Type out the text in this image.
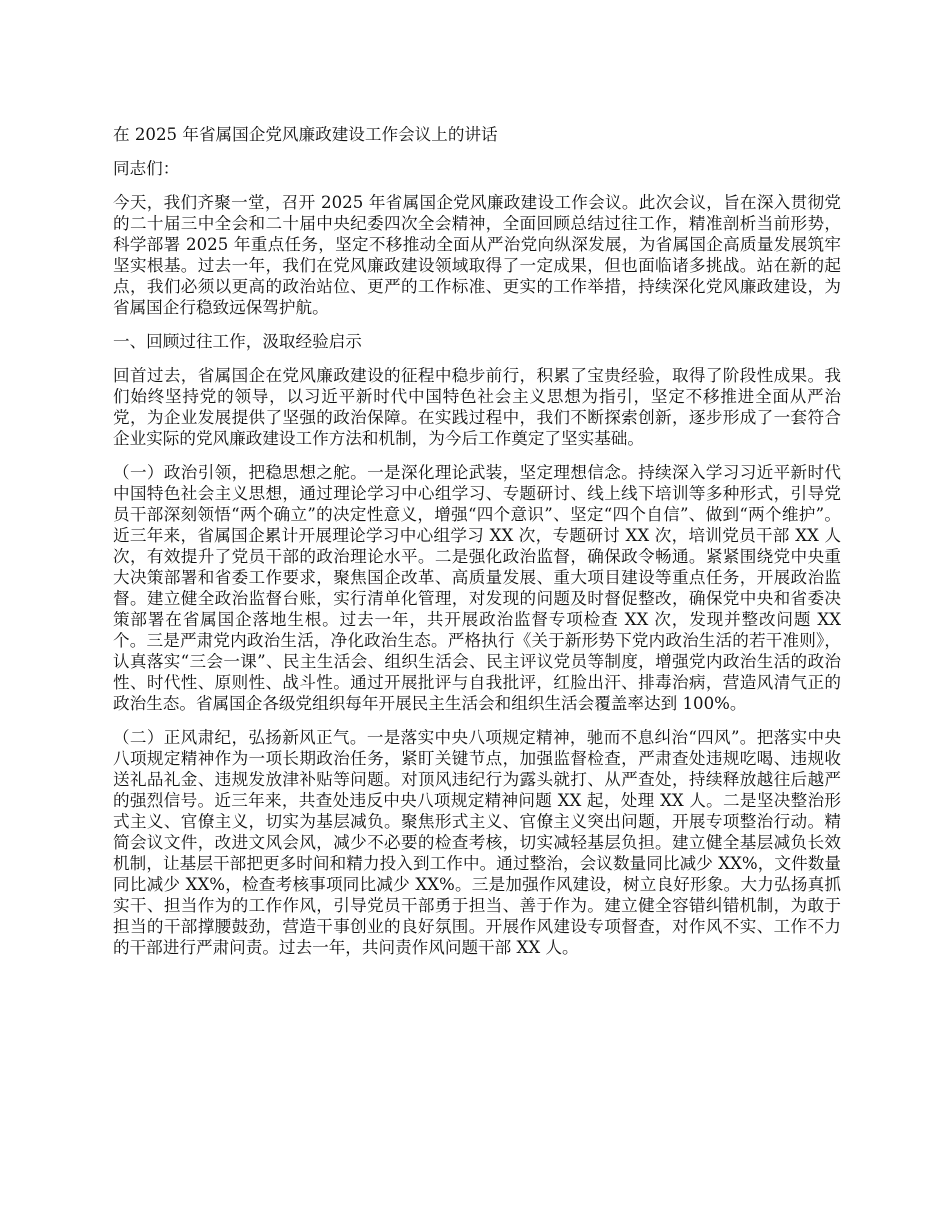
在 2025 年省属国企党风廉政建设工作会议上的讲话

同志们：

今天，我们齐聚一堂，召开 2025 年省属国企党风廉政建设工作会议。此次会议，旨在深入贯彻党的二十届三中全会和二十届中央纪委四次全会精神，全面回顾总结过往工作，精准剖析当前形势，科学部署 2025 年重点任务，坚定不移推动全面从严治党向纵深发展，为省属国企高质量发展筑牢坚实根基。过去一年，我们在党风廉政建设领域取得了一定成果，但也面临诸多挑战。站在新的起点，我们必须以更高的政治站位、更严的工作标准、更实的工作举措，持续深化党风廉政建设，为省属国企行稳致远保驾护航。

一、回顾过往工作，汲取经验启示

回首过去，省属国企在党风廉政建设的征程中稳步前行，积累了宝贵经验，取得了阶段性成果。我们始终坚持党的领导，以习近平新时代中国特色社会主义思想为指引，坚定不移推进全面从严治党，为企业发展提供了坚强的政治保障。在实践过程中，我们不断探索创新，逐步形成了一套符合企业实际的党风廉政建设工作方法和机制，为今后工作奠定了坚实基础。

（一）政治引领，把稳思想之舵。一是深化理论武装，坚定理想信念。持续深入学习习近平新时代中国特色社会主义思想，通过理论学习中心组学习、专题研讨、线上线下培训等多种形式，引导党员干部深刻领悟“两个确立”的决定性意义，增强“四个意识”、坚定“四个自信”、做到“两个维护”。近三年来，省属国企累计开展理论学习中心组学习 XX 次，专题研讨 XX 次，培训党员干部 XX 人次，有效提升了党员干部的政治理论水平。二是强化政治监督，确保政令畅通。紧紧围绕党中央重大决策部署和省委工作要求，聚焦国企改革、高质量发展、重大项目建设等重点任务，开展政治监督。建立健全政治监督台账，实行清单化管理，对发现的问题及时督促整改，确保党中央和省委决策部署在省属国企落地生根。过去一年，共开展政治监督专项检查 XX 次，发现并整改问题 XX 个。三是严肃党内政治生活，净化政治生态。严格执行《关于新形势下党内政治生活的若干准则》，认真落实“三会一课”、民主生活会、组织生活会、民主评议党员等制度，增强党内政治生活的政治性、时代性、原则性、战斗性。通过开展批评与自我批评，红脸出汗、排毒治病，营造风清气正的政治生态。省属国企各级党组织每年开展民主生活会和组织生活会覆盖率达到 100%。

（二）正风肃纪，弘扬新风正气。一是落实中央八项规定精神，驰而不息纠治“四风”。把落实中央八项规定精神作为一项长期政治任务，紧盯关键节点，加强监督检查，严肃查处违规吃喝、违规收送礼品礼金、违规发放津补贴等问题。对顶风违纪行为露头就打、从严查处，持续释放越往后越严的强烈信号。近三年来，共查处违反中央八项规定精神问题 XX 起，处理 XX 人。二是坚决整治形式主义、官僚主义，切实为基层减负。聚焦形式主义、官僚主义突出问题，开展专项整治行动。精简会议文件，改进文风会风，减少不必要的检查考核，切实减轻基层负担。建立健全基层减负长效机制，让基层干部把更多时间和精力投入到工作中。通过整治，会议数量同比减少 XX%，文件数量同比减少 XX%，检查考核事项同比减少 XX%。三是加强作风建设，树立良好形象。大力弘扬真抓实干、担当作为的工作作风，引导党员干部勇于担当、善于作为。建立健全容错纠错机制，为敢于担当的干部撑腰鼓劲，营造干事创业的良好氛围。开展作风建设专项督查，对作风不实、工作不力的干部进行严肃问责。过去一年，共问责作风问题干部 XX 人。
